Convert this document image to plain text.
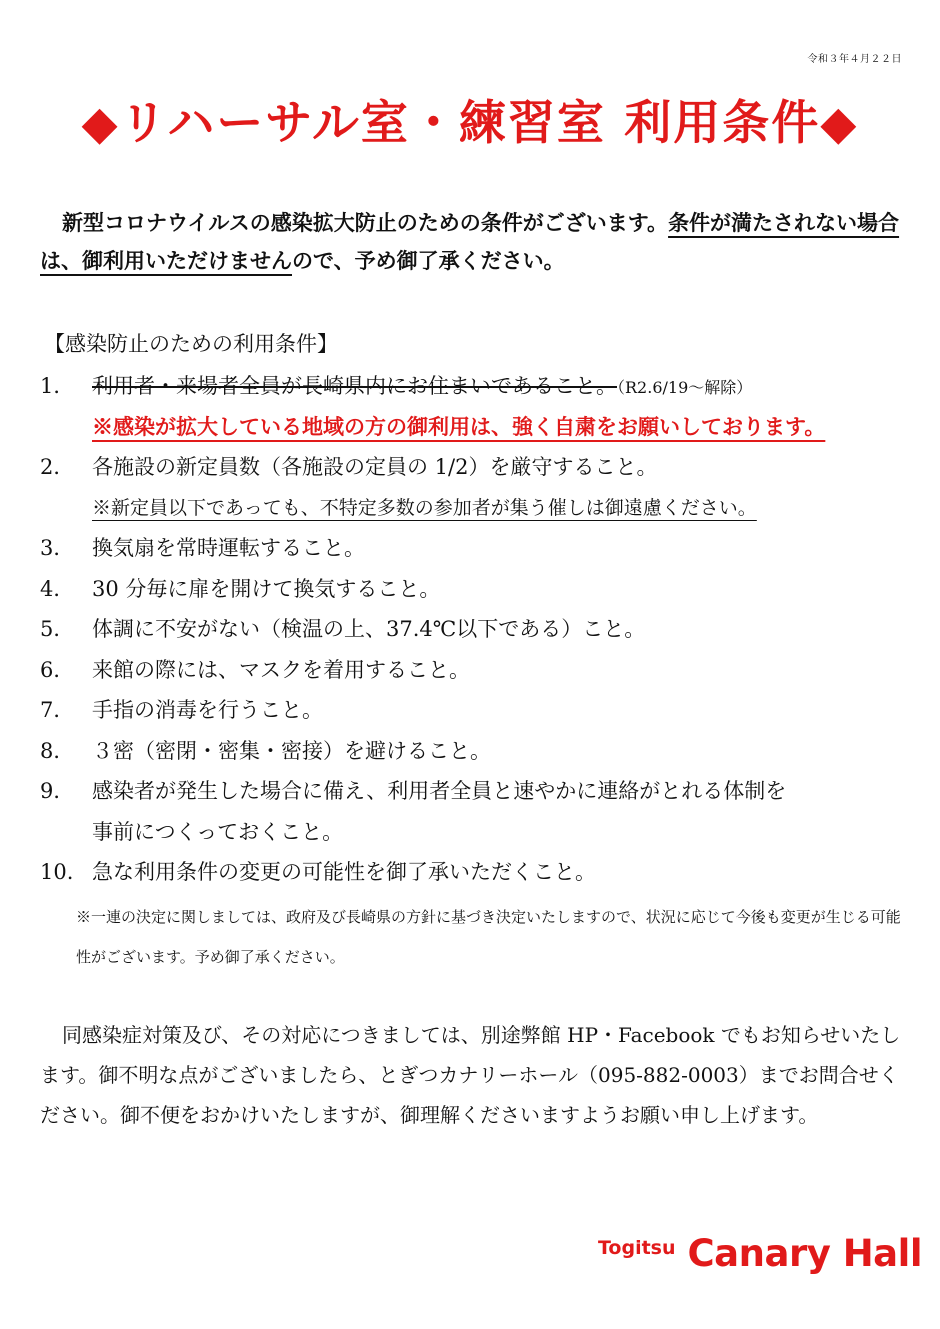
令和３年４月２２日
◆リハーサル室・練習室 利用条件◆
新型コロナウイルスの感染拡大防止のための条件がございます。条件が満たされない場合は、御利用いただけませんので、予め御了承ください。
【感染防止のための利用条件】
1． 利用者・来場者全員が長崎県内にお住まいであること。（R2.6/19〜解除）
※感染が拡大している地域の方の御利用は、強く自粛をお願いしております。
2． 各施設の新定員数（各施設の定員の 1/2）を厳守すること。
※新定員以下であっても、不特定多数の参加者が集う催しは御遠慮ください。
3． 換気扇を常時運転すること。
4． 30 分毎に扉を開けて換気すること。
5． 体調に不安がない（検温の上、37.4℃以下である）こと。
6． 来館の際には、マスクを着用すること。
7． 手指の消毒を行うこと。
8． ３密（密閉・密集・密接）を避けること。
9． 感染者が発生した場合に備え、利用者全員と速やかに連絡がとれる体制を
事前につくっておくこと。
10. 急な利用条件の変更の可能性を御了承いただくこと。
※一連の決定に関しましては、政府及び長崎県の方針に基づき決定いたしますので、状況に応じて今後も変更が生じる可能性がございます。予め御了承ください。
同感染症対策及び、その対応につきましては、別途弊館 HP・Facebook でもお知らせいたします。御不明な点がございましたら、とぎつカナリーホール（095-882-0003）までお問合せください。御不便をおかけいたしますが、御理解くださいますようお願い申し上げます。
Togitsu Canary Hall
